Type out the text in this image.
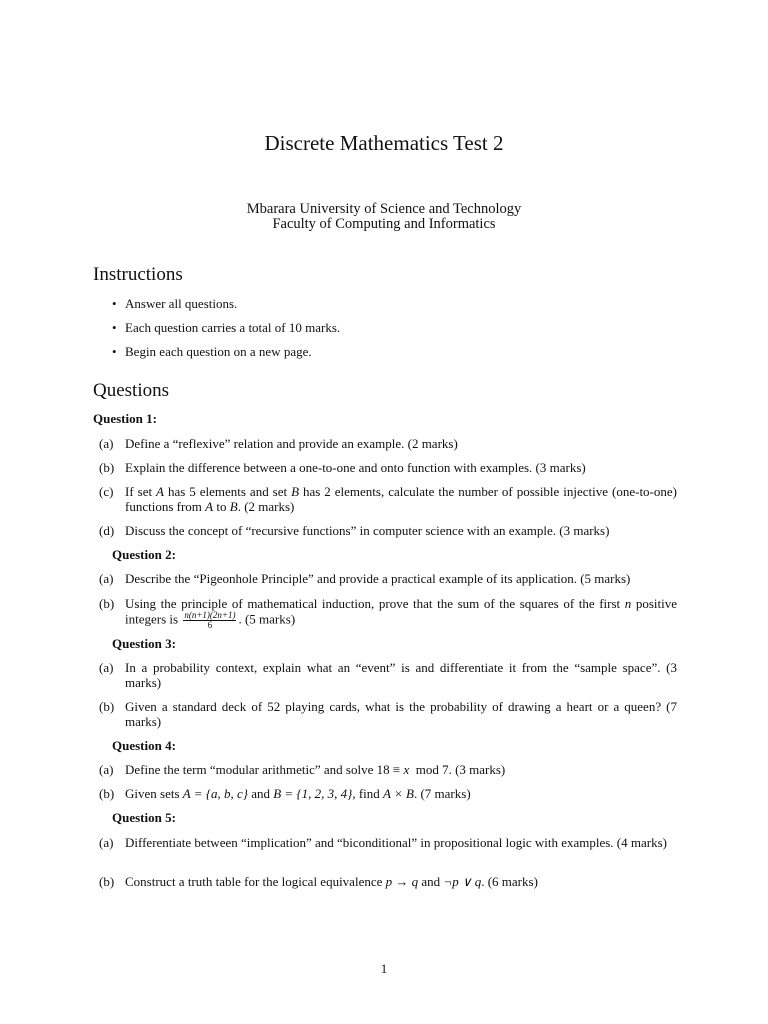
Discrete Mathematics Test 2
Mbarara University of Science and Technology
Faculty of Computing and Informatics
Instructions
• Answer all questions.
• Each question carries a total of 10 marks.
• Begin each question on a new page.
Questions
Question 1:
(a) Define a “reflexive” relation and provide an example. (2 marks)
(b) Explain the difference between a one-to-one and onto function with examples. (3 marks)
(c) If set A has 5 elements and set B has 2 elements, calculate the number of possible injective (one-to-one) functions from A to B. (2 marks)
(d) Discuss the concept of “recursive functions” in computer science with an example. (3 marks)
Question 2:
(a) Describe the “Pigeonhole Principle” and provide a practical example of its application. (5 marks)
(b) Using the principle of mathematical induction, prove that the sum of the squares of the first n positive integers is $\frac{n(n+1)(2n+1)}{6}$ . (5 marks)
Question 3:
(a) In a probability context, explain what an “event” is and differentiate it from the “sample space”. (3 marks)
(b) Given a standard deck of 52 playing cards, what is the probability of drawing a heart or a queen? (7 marks)
Question 4:
(a) Define the term “modular arithmetic” and solve 18 ≡ x  mod 7. (3 marks)
(b) Given sets A = {a, b, c} and B = {1, 2, 3, 4}, find A × B. (7 marks)
Question 5:
(a) Differentiate between “implication” and “biconditional” in propositional logic with examples. (4 marks)
(b) Construct a truth table for the logical equivalence p → q and ¬p ∨ q. (6 marks)
1
